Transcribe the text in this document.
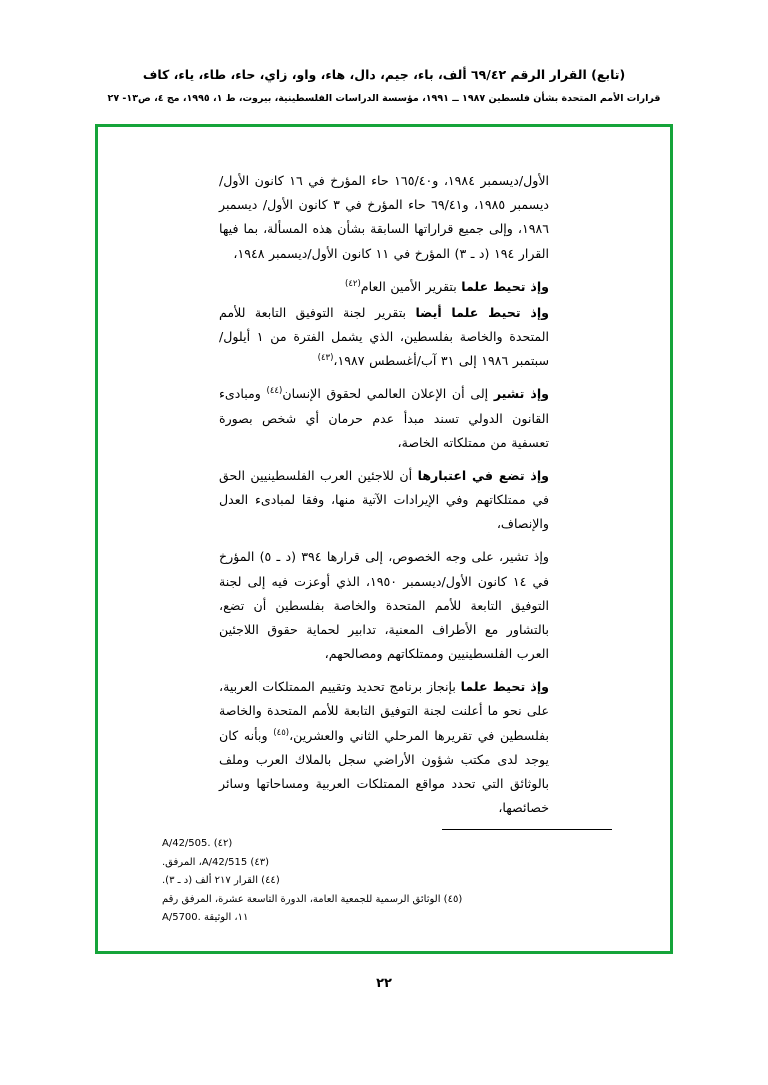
(تابع) القرار الرقم ٦٩/٤٢ ألف، باء، جيم، دال، هاء، واو، زاي، حاء، طاء، ياء، كاف
قرارات الأمم المتحدة بشأن فلسطين ١٩٨٧ ــ ١٩٩١، مؤسسة الدراسات الفلسطينية، بيروت، ط ١، ١٩٩٥، مج ٤، ص١٣- ٢٧

الأول/ديسمبر ١٩٨٤، و١٦٥/٤٠ حاء المؤرخ في ١٦ كانون الأول/ديسمبر ١٩٨٥، و٦٩/٤١ حاء المؤرخ في ٣ كانون الأول/ ديسمبر ١٩٨٦، وإلى جميع قراراتها السابقة بشأن هذه المسألة، بما فيها القرار ١٩٤ (د ـ ٣) المؤرخ في ١١ كانون الأول/ديسمبر ١٩٤٨،

وإذ تحيط علما بتقرير الأمين العام$^{(٤٢)}$

وإذ تحيط علما أيضا بتقرير لجنة التوفيق التابعة للأمم المتحدة والخاصة بفلسطين، الذي يشمل الفترة من ١ أيلول/سبتمبر ١٩٨٦ إلى ٣١ آب/أغسطس ١٩٨٧،$^{(٤٣)}$

وإذ تشير إلى أن الإعلان العالمي لحقوق الإنسان$^{(٤٤)}$ ومبادىء القانون الدولي تسند مبدأ عدم حرمان أي شخص بصورة تعسفية من ممتلكاته الخاصة،

وإذ تضع في اعتبارها أن للاجئين العرب الفلسطينيين الحق في ممتلكاتهم وفي الإيرادات الآتية منها، وفقا لمبادىء العدل والإنصاف،

وإذ تشير، على وجه الخصوص، إلى قرارها ٣٩٤ (د ـ ٥) المؤرخ في ١٤ كانون الأول/ديسمبر ١٩٥٠، الذي أوعزت فيه إلى لجنة التوفيق التابعة للأمم المتحدة والخاصة بفلسطين أن تضع، بالتشاور مع الأطراف المعنية، تدابير لحماية حقوق اللاجئين العرب الفلسطينيين وممتلكاتهم ومصالحهم،

وإذ تحيط علما بإنجاز برنامج تحديد وتقييم الممتلكات العربية، على نحو ما أعلنت لجنة التوفيق التابعة للأمم المتحدة والخاصة بفلسطين في تقريرها المرحلي الثاني والعشرين،$^{(٤٥)}$ وبأنه كان يوجد لدى مكتب شؤون الأراضي سجل بالملاك العرب وملف بالوثائق التي تحدد مواقع الممتلكات العربية ومساحاتها وسائر خصائصها،

(٤٢) .A/42/505
(٤٣) A/42/515، المرفق.
(٤٤) القرار ٢١٧ ألف (د ـ ٣).
(٤٥) الوثائق الرسمية للجمعية العامة، الدورة التاسعة عشرة، المرفق رقم
١١، الوثيقة .A/5700
٢٢
